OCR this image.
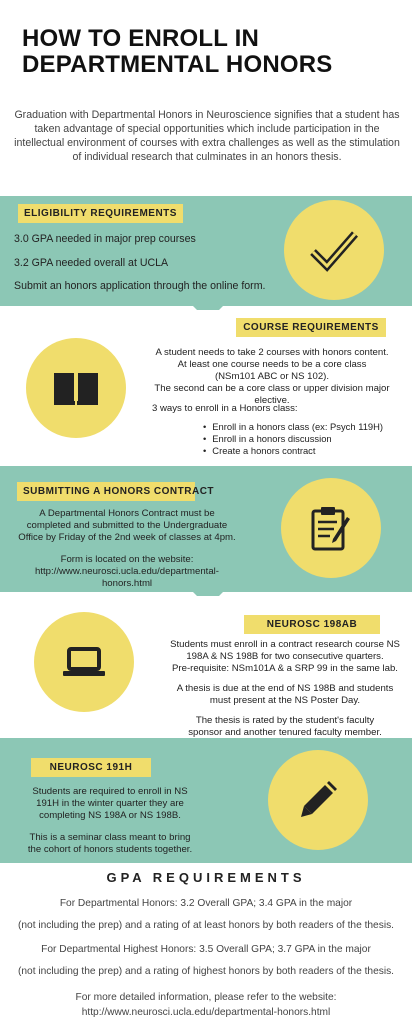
HOW TO ENROLL IN
DEPARTMENTAL HONORS

Graduation with Departmental Honors in Neuroscience signifies that a student has taken advantage of special opportunities which include participation in the intellectual environment of courses with extra challenges as well as the stimulation of individual research that culminates in an honors thesis.

ELIGIBILITY REQUIREMENTS
3.0 GPA needed in major prep courses
3.2 GPA needed overall at UCLA
Submit an honors application through the online form.
COURSE REQUIREMENTS
A student needs to take 2 courses with honors content.
At least one course needs to be a core class
(NSm101 ABC or NS 102).
The second can be a core class or upper division major elective.
3 ways to enroll in a Honors class:
• Enroll in a honors class (ex: Psych 119H)
• Enroll in a honors discussion
• Create a honors contract
SUBMITTING A HONORS CONTRACT
A Departmental Honors Contract must be
completed and submitted to the Undergraduate
Office by Friday of the 2nd week of classes at 4pm.
Form is located on the website:
http://www.neurosci.ucla.edu/departmental-
honors.html
NEUROSC 198AB
Students must enroll in a contract research course NS
198A & NS 198B for two consecutive quarters.
Pre-requisite: NSm101A & a SRP 99 in the same lab.
A thesis is due at the end of NS 198B and students
must present at the NS Poster Day.
The thesis is rated by the student's faculty
sponsor and another tenured faculty member.
NEUROSC 191H
Students are required to enroll in NS
191H in the winter quarter they are
completing NS 198A or NS 198B.
This is a seminar class meant to bring
the cohort of honors students together.
GPA REQUIREMENTS
For Departmental Honors: 3.2 Overall GPA; 3.4 GPA in the major
(not including the prep) and a rating of at least honors by both readers of the thesis.
For Departmental Highest Honors: 3.5 Overall GPA; 3.7 GPA in the major
(not including the prep) and a rating of highest honors by both readers of the thesis.
For more detailed information, please refer to the website:
http://www.neurosci.ucla.edu/departmental-honors.html
